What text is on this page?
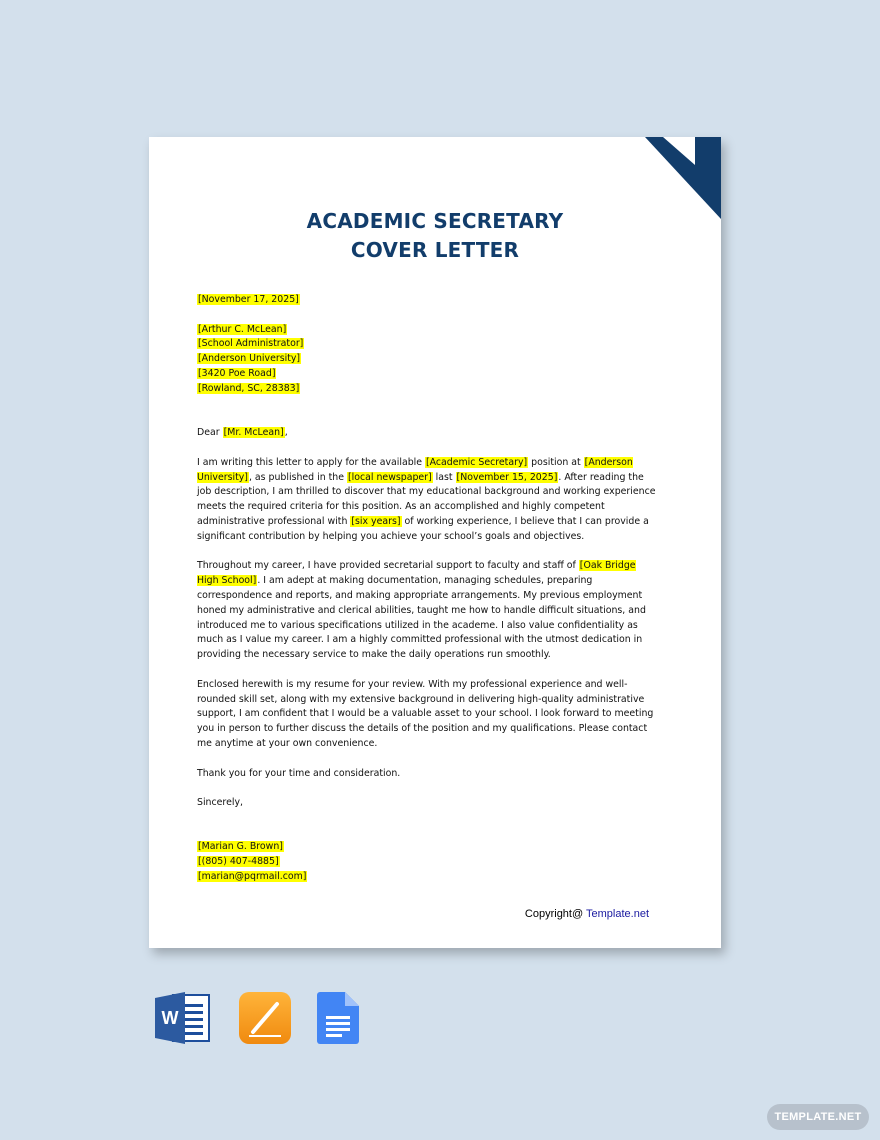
ACADEMIC SECRETARY
COVER LETTER
[November 17, 2025]
[Arthur C. McLean]
[School Administrator]
[Anderson University]
[3420 Poe Road]
[Rowland, SC, 28383]
Dear [Mr. McLean],
I am writing this letter to apply for the available [Academic Secretary] position at [Anderson University], as published in the [local newspaper] last [November 15, 2025]. After reading the job description, I am thrilled to discover that my educational background and working experience meets the required criteria for this position. As an accomplished and highly competent administrative professional with [six years] of working experience, I believe that I can provide a significant contribution by helping you achieve your school’s goals and objectives.
Throughout my career, I have provided secretarial support to faculty and staff of [Oak Bridge High School]. I am adept at making documentation, managing schedules, preparing correspondence and reports, and making appropriate arrangements. My previous employment honed my administrative and clerical abilities, taught me how to handle difficult situations, and introduced me to various specifications utilized in the academe. I also value confidentiality as much as I value my career. I am a highly committed professional with the utmost dedication in providing the necessary service to make the daily operations run smoothly.
Enclosed herewith is my resume for your review. With my professional experience and well-rounded skill set, along with my extensive background in delivering high-quality administrative support, I am confident that I would be a valuable asset to your school. I look forward to meeting you in person to further discuss the details of the position and my qualifications. Please contact me anytime at your own convenience.
Thank you for your time and consideration.
Sincerely,
[Marian G. Brown]
[(805) 407-4885]
[marian@pqrmail.com]
Copyright@ Template.net
W
TEMPLATE.NET
